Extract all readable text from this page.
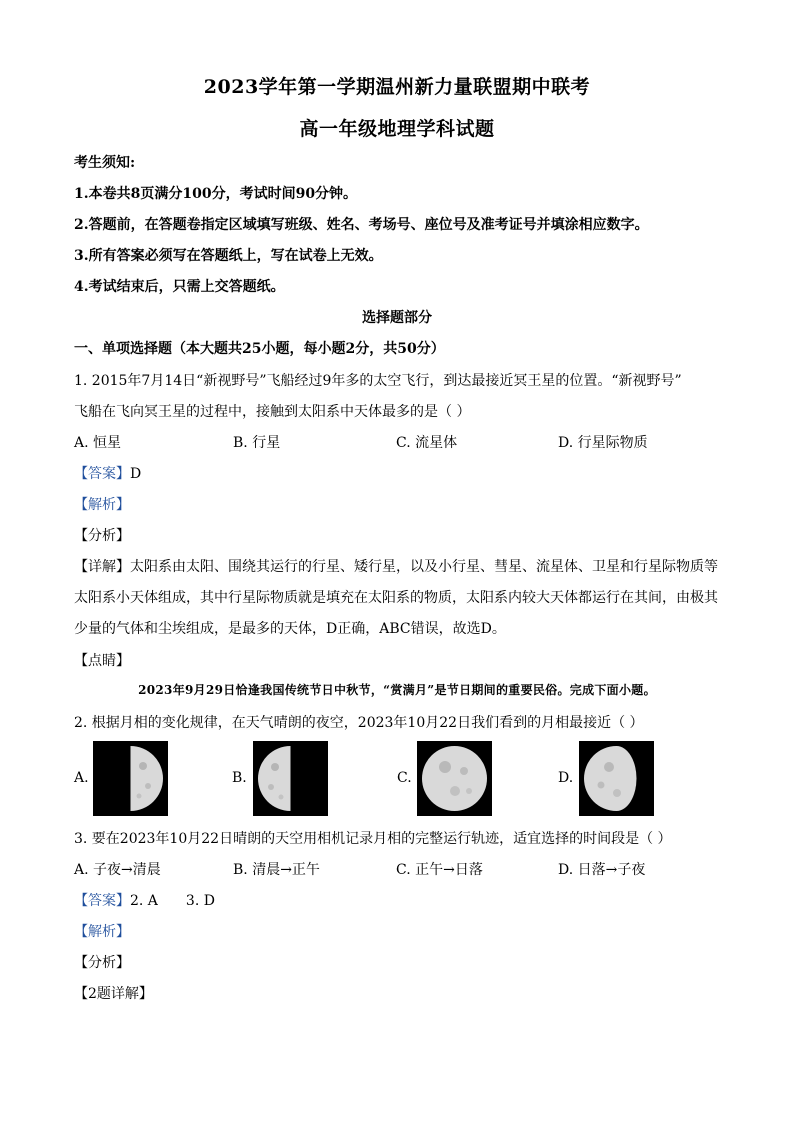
2023学年第一学期温州新力量联盟期中联考
高一年级地理学科试题
考生须知:
1.本卷共8页满分100分，考试时间90分钟。
2.答题前，在答题卷指定区域填写班级、姓名、考场号、座位号及准考证号并填涂相应数字。
3.所有答案必须写在答题纸上，写在试卷上无效。
4.考试结束后，只需上交答题纸。
选择题部分
一、单项选择题（本大题共25小题，每小题2分，共50分）
1. 2015年7月14日“新视野号”飞船经过9年多的太空飞行，到达最接近冥王星的位置。“新视野号”
飞船在飞向冥王星的过程中，接触到太阳系中天体最多的是（ ）
A. 恒星	B. 行星	C. 流星体	D. 行星际物质
【答案】D
【解析】
【分析】
【详解】太阳系由太阳、围绕其运行的行星、矮行星，以及小行星、彗星、流星体、卫星和行星际物质等
太阳系小天体组成，其中行星际物质就是填充在太阳系的物质，太阳系内较大天体都运行在其间，由极其
少量的气体和尘埃组成，是最多的天体，D正确，ABC错误，故选D。
【点睛】
2023年9月29日恰逢我国传统节日中秋节，“赏满月”是节日期间的重要民俗。完成下面小题。
2. 根据月相的变化规律，在天气晴朗的夜空，2023年10月22日我们看到的月相最接近（ ）
A.	B.	C.	D.
3. 要在2023年10月22日晴朗的天空用相机记录月相的完整运行轨迹，适宜选择的时间段是（ ）
A. 子夜→清晨	B. 清晨→正午	C. 正午→日落	D. 日落→子夜
【答案】2. A 3. D
【解析】
【分析】
【2题详解】
